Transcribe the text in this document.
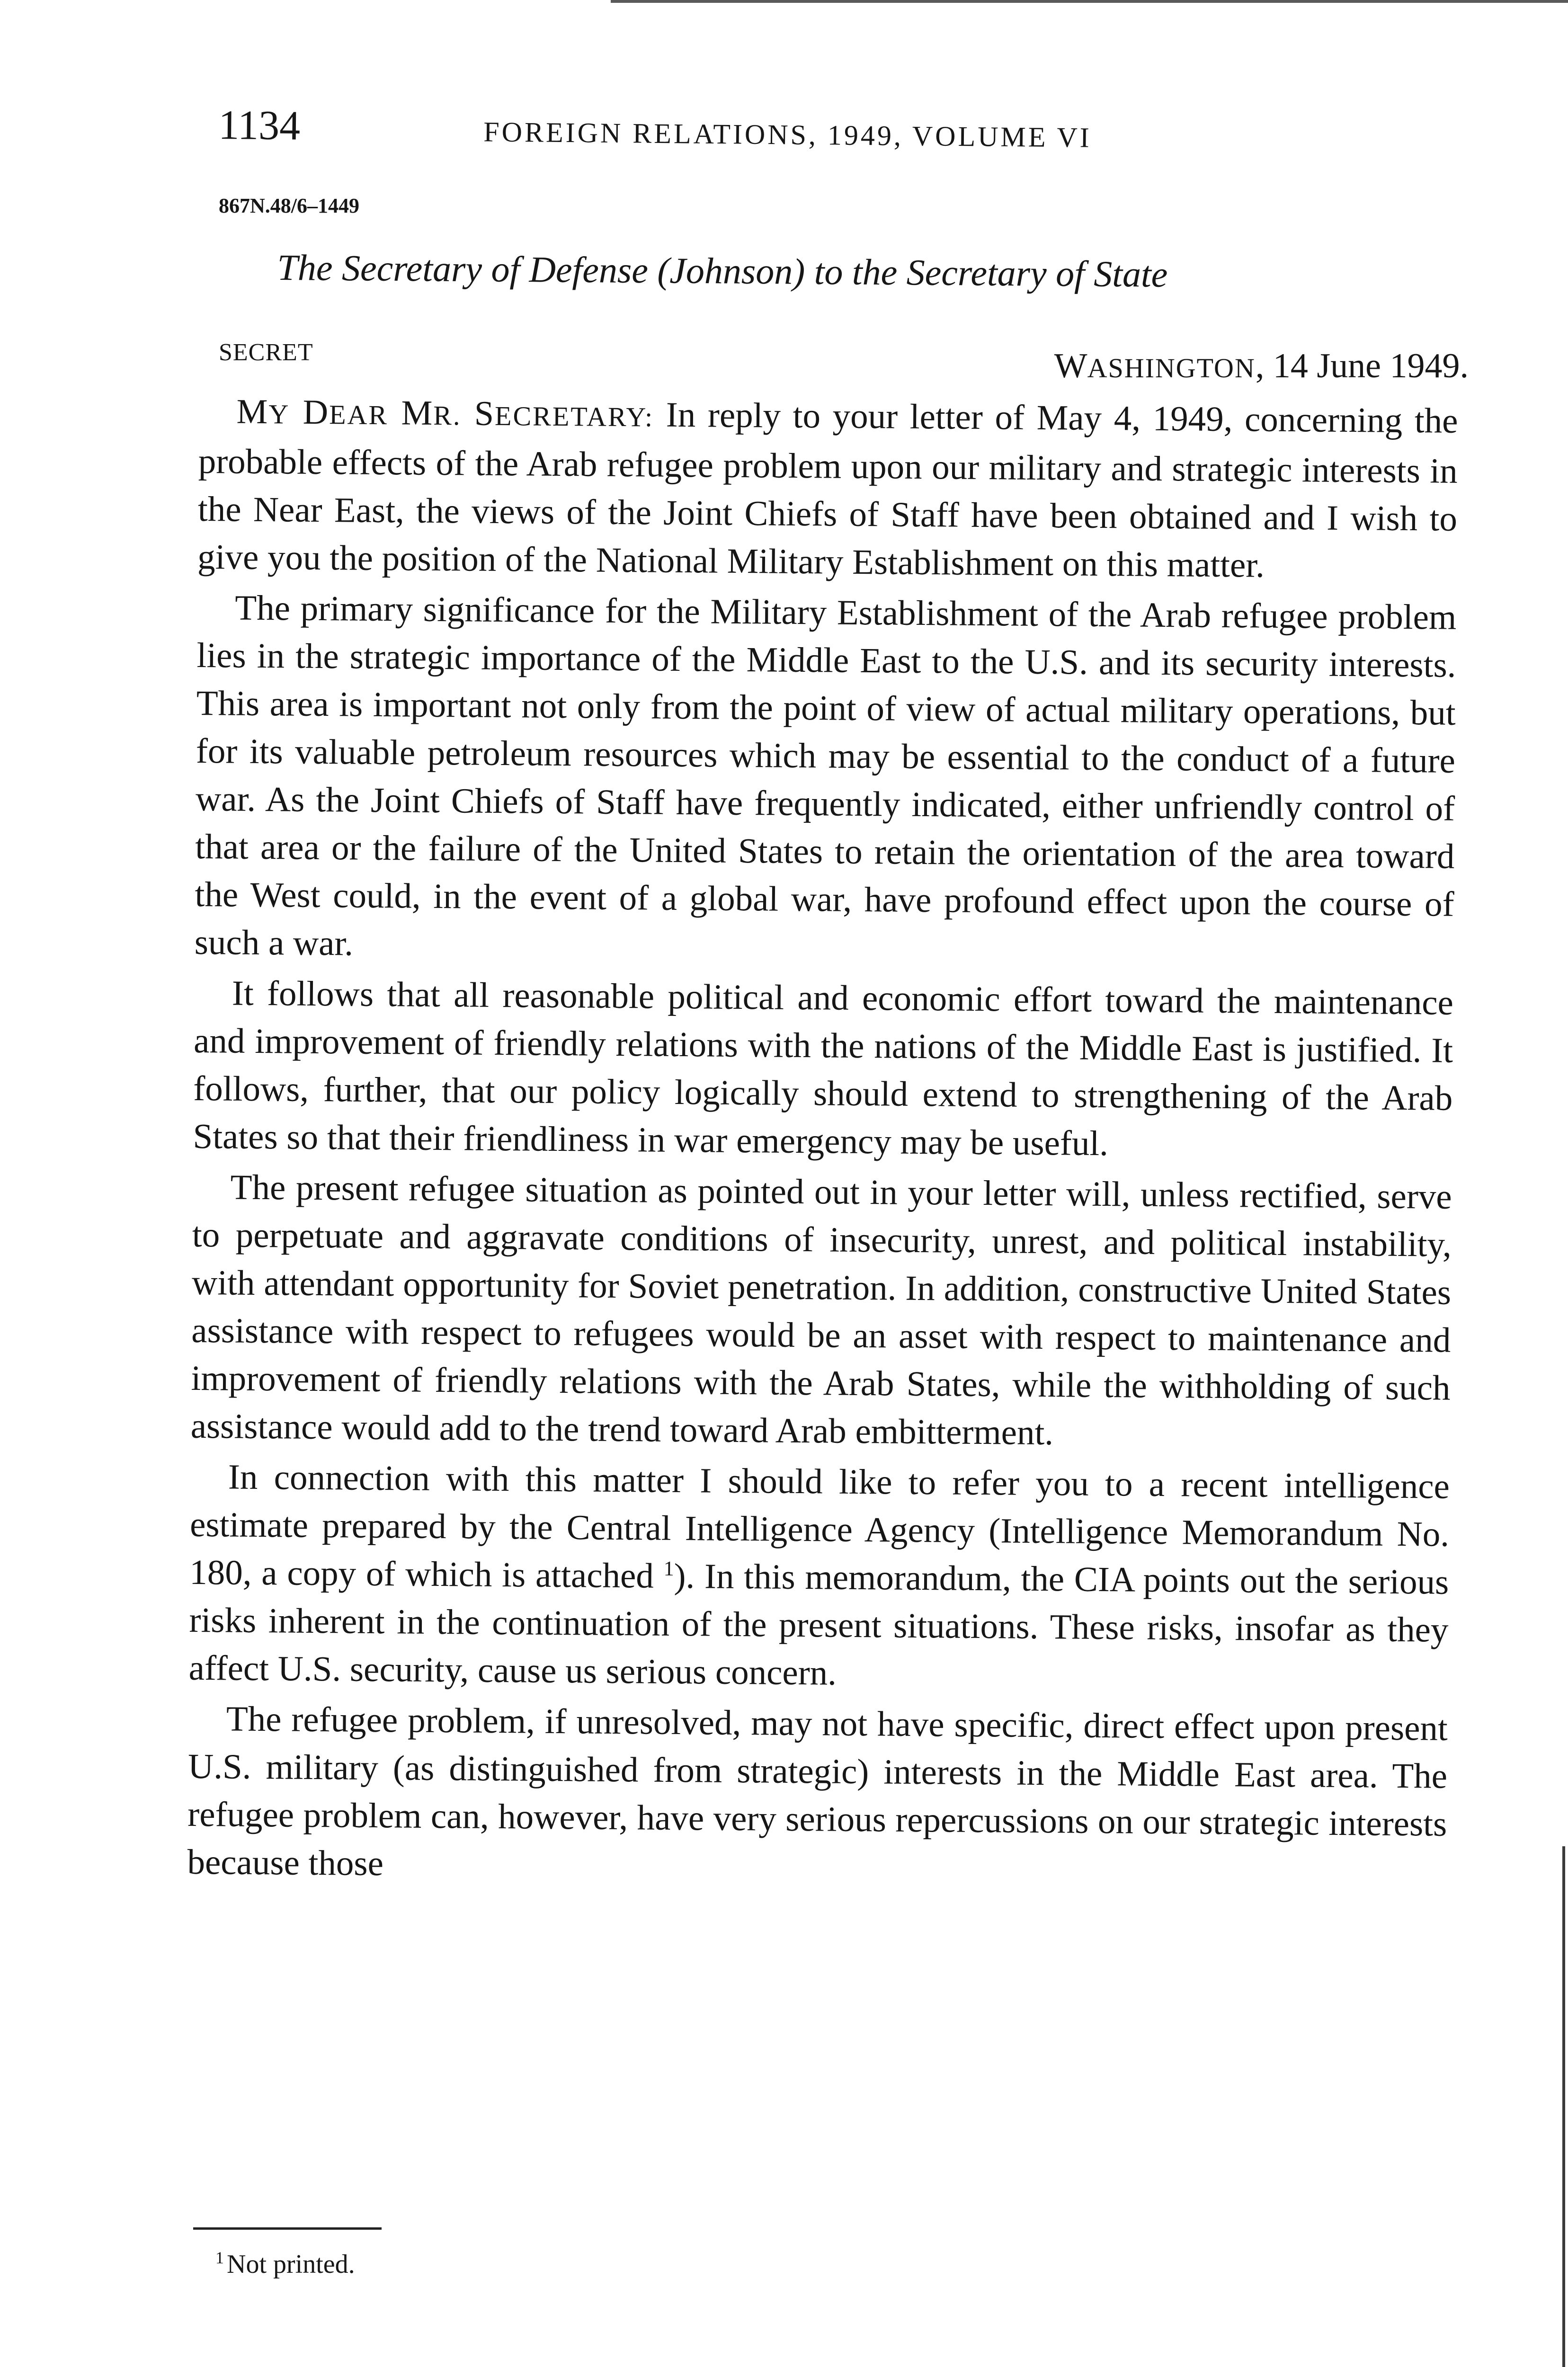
1134	FOREIGN RELATIONS, 1949, VOLUME VI
867N.48/6–1449
The Secretary of Defense (Johnson) to the Secretary of State
SECRET	WASHINGTON, 14 June 1949.

MY DEAR MR. SECRETARY: In reply to your letter of May 4, 1949, concerning the probable effects of the Arab refugee problem upon our military and strategic interests in the Near East, the views of the Joint Chiefs of Staff have been obtained and I wish to give you the position of the National Military Establishment on this matter.

The primary significance for the Military Establishment of the Arab refugee problem lies in the strategic importance of the Middle East to the U.S. and its security interests. This area is important not only from the point of view of actual military operations, but for its valuable petroleum resources which may be essential to the conduct of a future war. As the Joint Chiefs of Staff have frequently indicated, either unfriendly control of that area or the failure of the United States to retain the orientation of the area toward the West could, in the event of a global war, have profound effect upon the course of such a war.

It follows that all reasonable political and economic effort toward the maintenance and improvement of friendly relations with the nations of the Middle East is justified. It follows, further, that our policy logically should extend to strengthening of the Arab States so that their friendliness in war emergency may be useful.

The present refugee situation as pointed out in your letter will, unless rectified, serve to perpetuate and aggravate conditions of insecurity, unrest, and political instability, with attendant opportunity for Soviet penetration. In addition, constructive United States assistance with respect to refugees would be an asset with respect to maintenance and improvement of friendly relations with the Arab States, while the withholding of such assistance would add to the trend toward Arab embitterment.

In connection with this matter I should like to refer you to a recent intelligence estimate prepared by the Central Intelligence Agency (Intelligence Memorandum No. 180, a copy of which is attached $^1$). In this memorandum, the CIA points out the serious risks inherent in the continuation of the present situations. These risks, insofar as they affect U.S. security, cause us serious concern.

The refugee problem, if unresolved, may not have specific, direct effect upon present U.S. military (as distinguished from strategic) interests in the Middle East area. The refugee problem can, however, have very serious repercussions on our strategic interests because those

$^1$ Not printed.
